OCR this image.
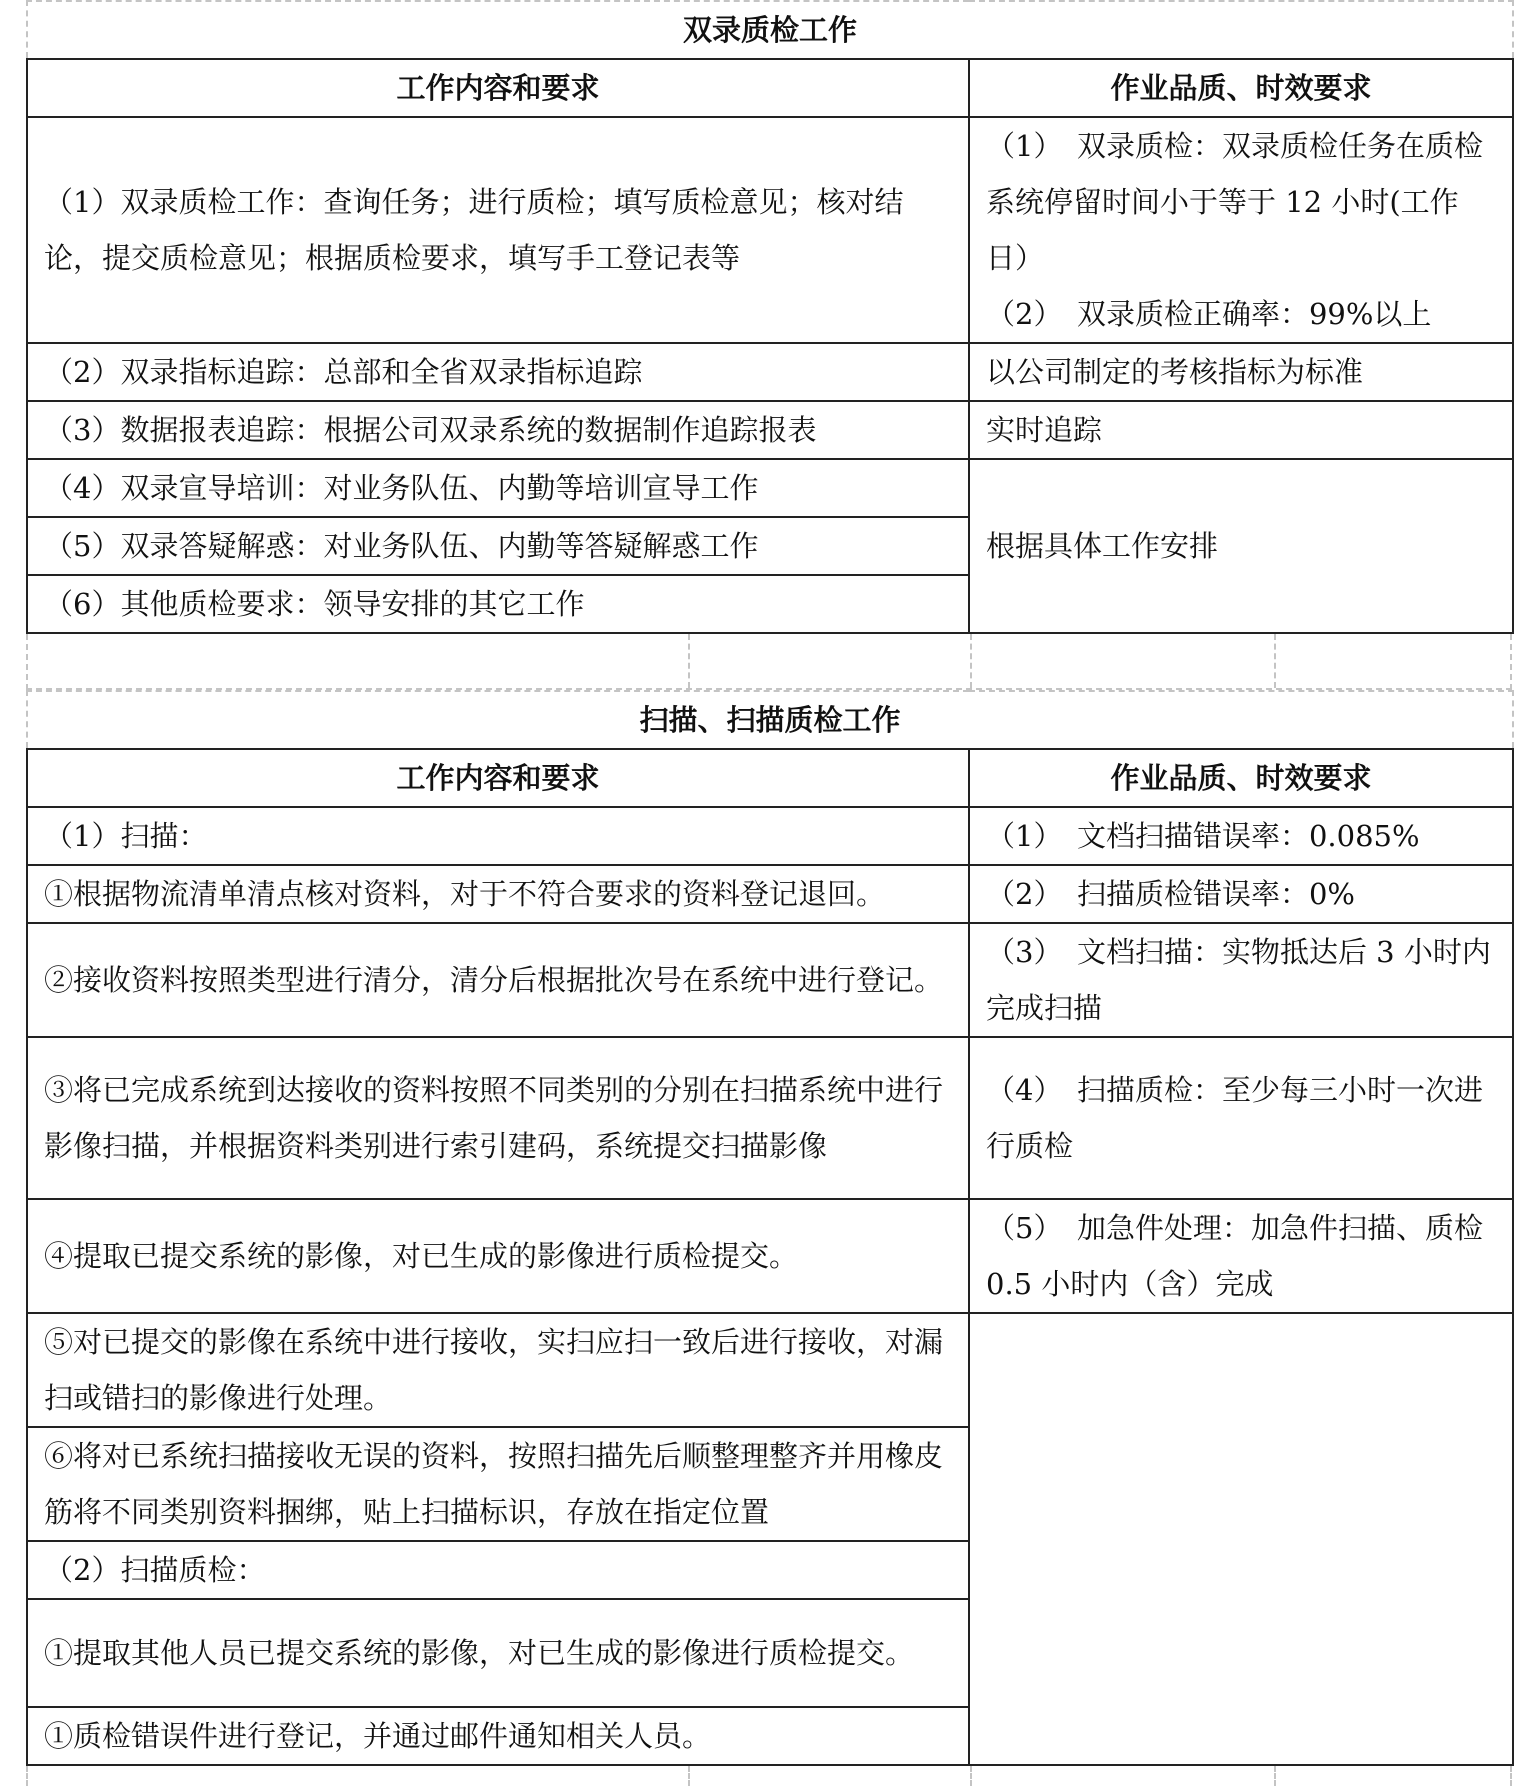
双录质检工作	
工作内容和要求	作业品质、时效要求
（1）双录质检工作：查询任务；进行质检；填写质检意见；核对结论，提交质检意见；根据质检要求，填写手工登记表等	（1）　双录质检：双录质检任务在质检系统停留时间小于等于 12 小时(工作日）
（2）　双录质检正确率：99%以上

（2）双录指标追踪：总部和全省双录指标追踪	以公司制定的考核指标为标准
（3）数据报表追踪：根据公司双录系统的数据制作追踪报表	实时追踪
（4）双录宣导培训：对业务队伍、内勤等培训宣导工作	根据具体工作安排
（5）双录答疑解惑：对业务队伍、内勤等答疑解惑工作	
（6）其他质检要求：领导安排的其它工作	
扫描、扫描质检工作	
工作内容和要求	作业品质、时效要求
（1）扫描：	（1）　文档扫描错误率：0.085%
①根据物流清单清点核对资料，对于不符合要求的资料登记退回。	（2）　扫描质检错误率：0%
②接收资料按照类型进行清分，清分后根据批次号在系统中进行登记。	（3）　文档扫描：实物抵达后 3 小时内完成扫描
③将已完成系统到达接收的资料按照不同类别的分别在扫描系统中进行影像扫描，并根据资料类别进行索引建码，系统提交扫描影像	（4）　扫描质检：至少每三小时一次进行质检
④提取已提交系统的影像，对已生成的影像进行质检提交。	（5）　加急件处理：加急件扫描、质检 0.5 小时内（含）完成
⑤对已提交的影像在系统中进行接收，实扫应扫一致后进行接收，对漏扫或错扫的影像进行处理。	
⑥将对已系统扫描接收无误的资料，按照扫描先后顺整理整齐并用橡皮筋将不同类别资料捆绑，贴上扫描标识，存放在指定位置	
（2）扫描质检：	
①提取其他人员已提交系统的影像，对已生成的影像进行质检提交。	
①质检错误件进行登记，并通过邮件通知相关人员。	
